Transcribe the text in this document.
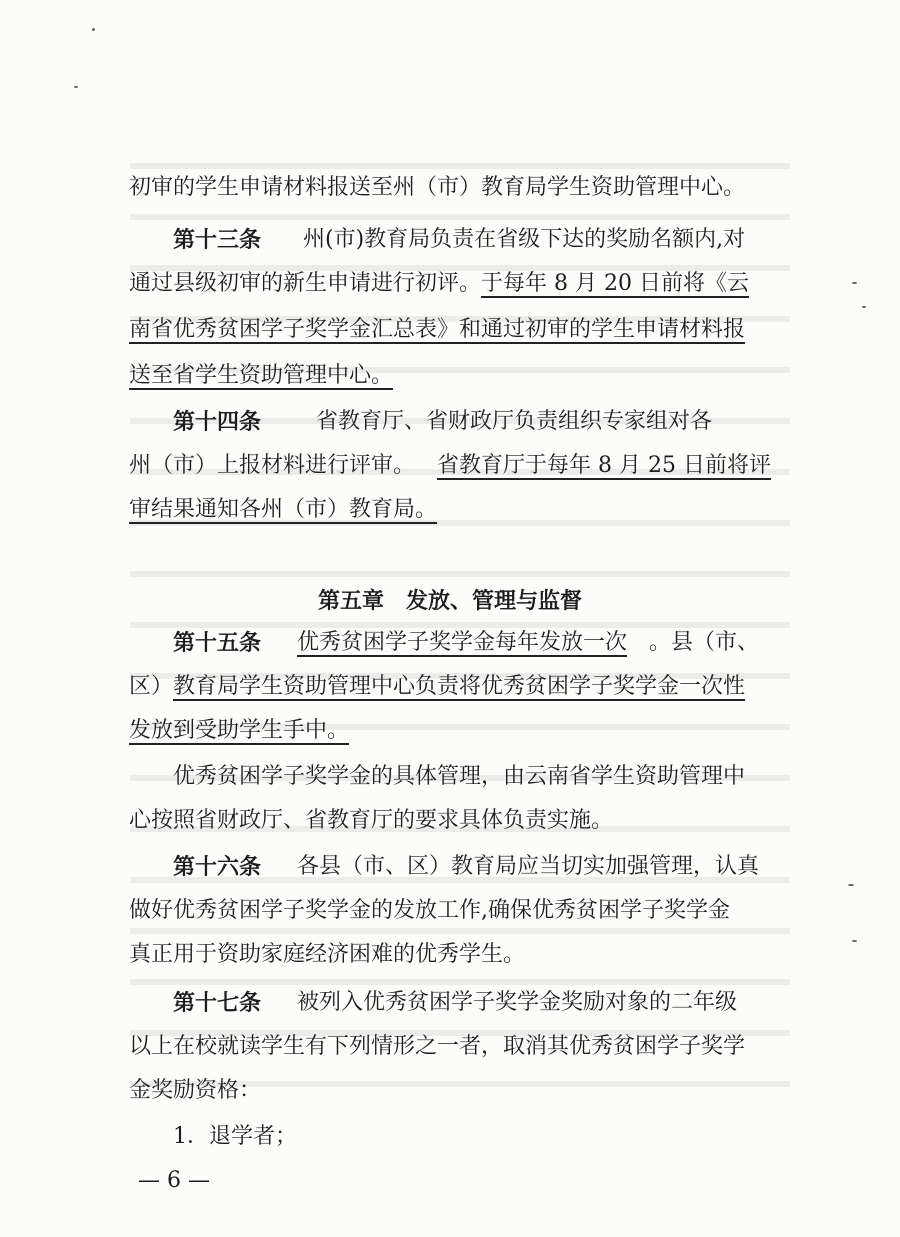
初审的学生申请材料报送至州（市）教育局学生资助管理中心。
第十三条 州(市)教育局负责在省级下达的奖励名额内,对
通过县级初审的新生申请进行初评。 于每年 8 月 20 日前将《云
南省优秀贫困学子奖学金汇总表》和通过初审的学生申请材料报
送至省学生资助管理中心。
第十四条 省教育厅、省财政厅负责组织专家组对各
州（市）上报材料进行评审。 省教育厅于每年 8 月 25 日前将评
审结果通知各州（市）教育局。
第五章　发放、管理与监督
第十五条 优秀贫困学子奖学金每年发放一次 。县（市、
区） 教育局学生资助管理中心负责将优秀贫困学子奖学金一次性
发放到受助学生手中。
优秀贫困学子奖学金的具体管理，由云南省学生资助管理中
心按照省财政厅、省教育厅的要求具体负责实施。
第十六条 各县（市、区）教育局应当切实加强管理，认真
做好优秀贫困学子奖学金的发放工作,确保优秀贫困学子奖学金
真正用于资助家庭经济困难的优秀学生。
第十七条 被列入优秀贫困学子奖学金奖励对象的二年级
以上在校就读学生有下列情形之一者，取消其优秀贫困学子奖学
金奖励资格：
1．退学者；
— 6 —
